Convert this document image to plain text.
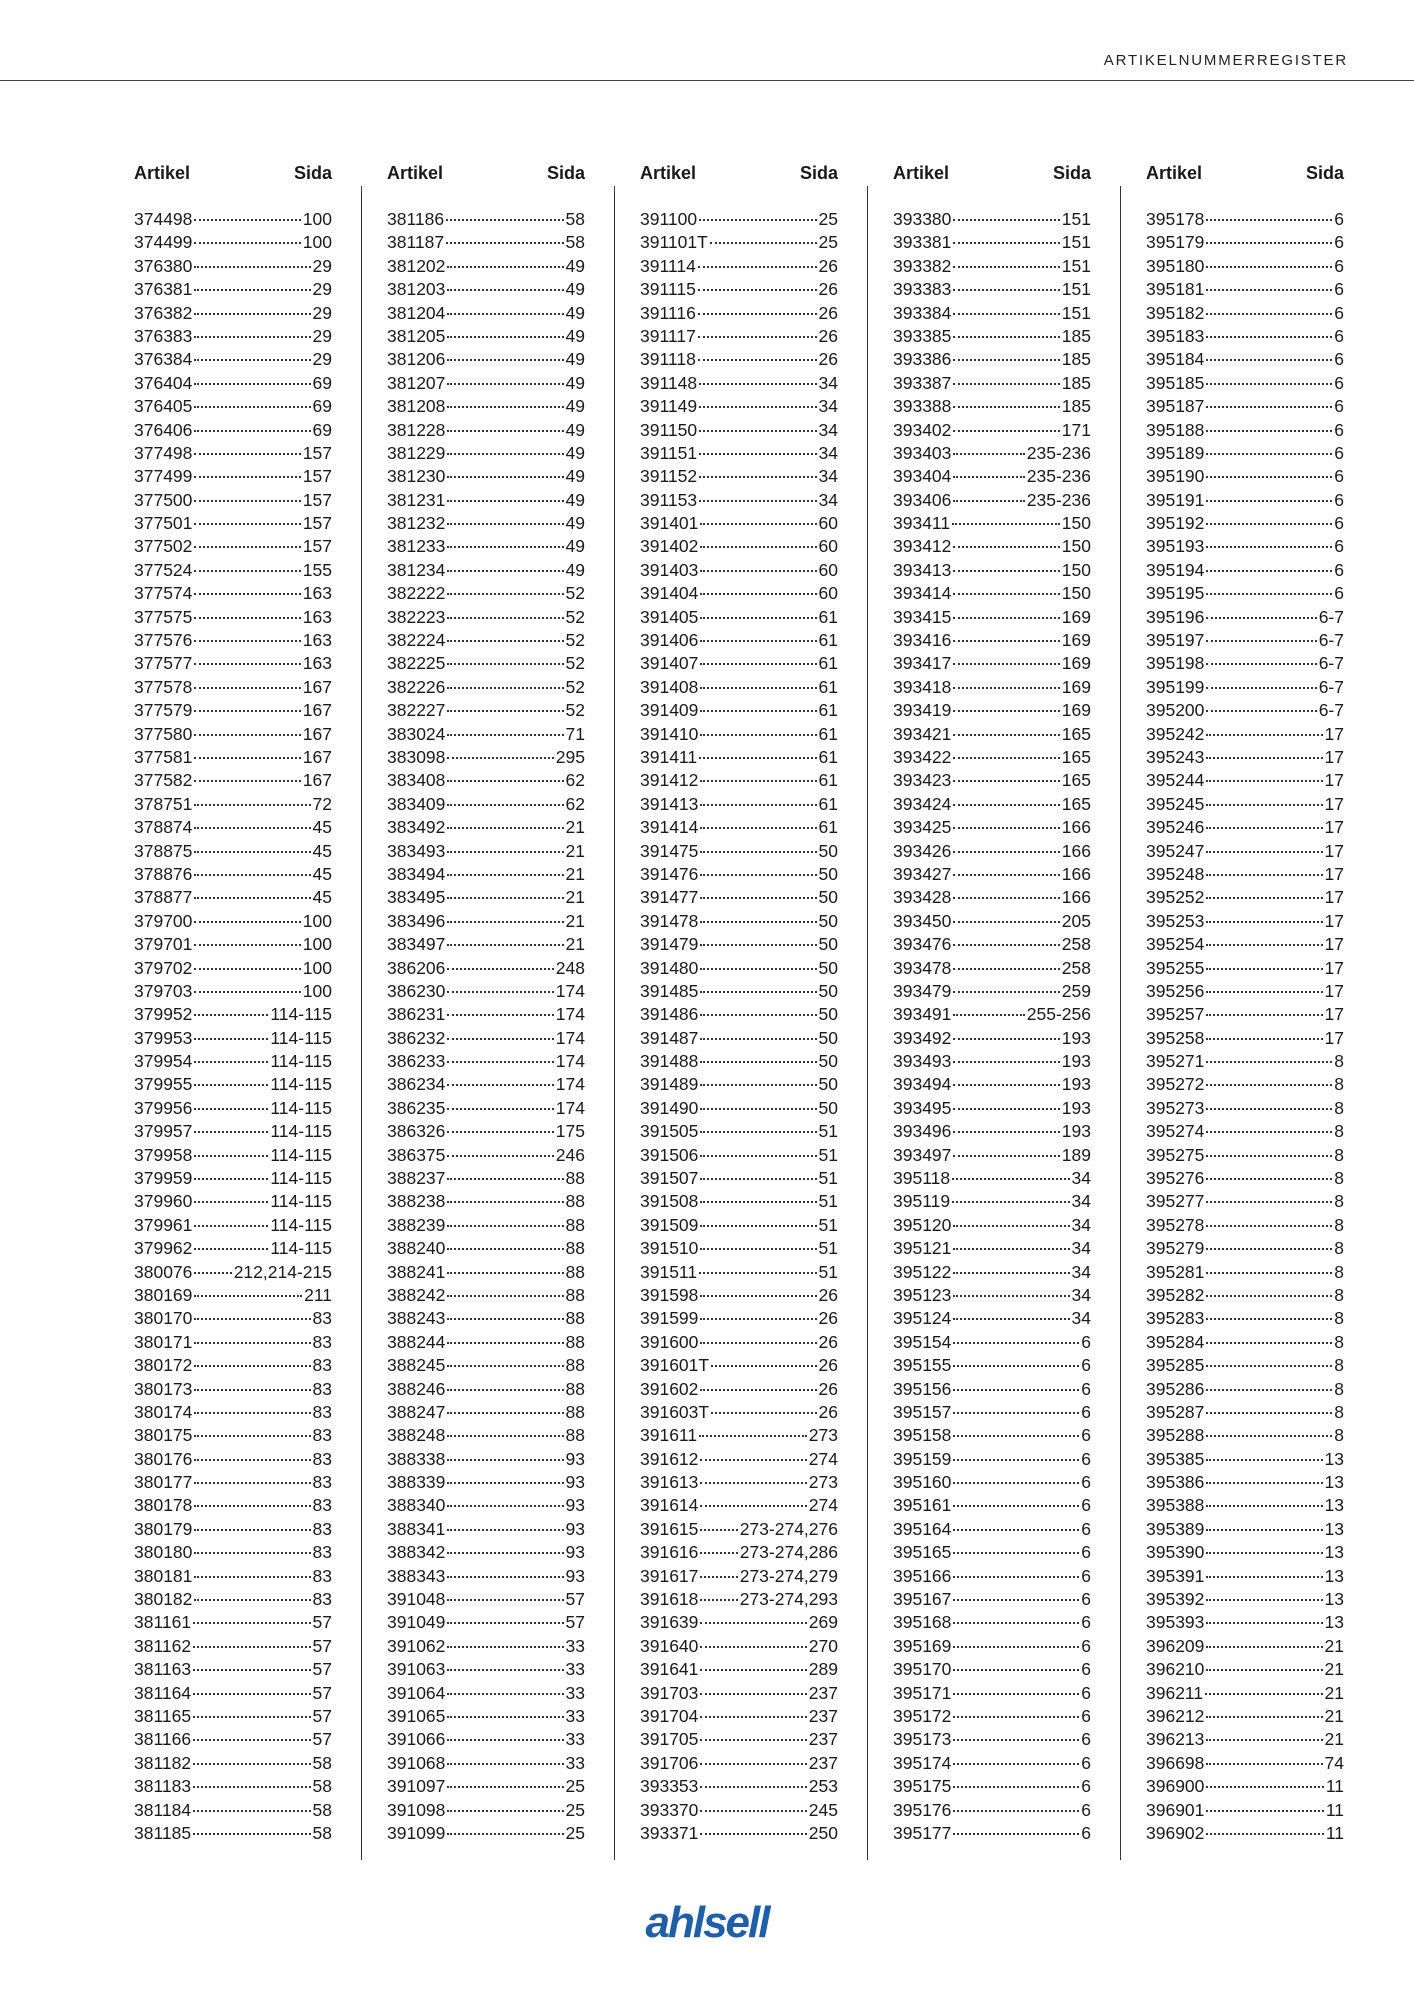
ARTIKELNUMMERREGISTER
Artikel	Sida
374498	100
374499	100
376380	29
376381	29
376382	29
376383	29
376384	29
376404	69
376405	69
376406	69
377498	157
377499	157
377500	157
377501	157
377502	157
377524	155
377574	163
377575	163
377576	163
377577	163
377578	167
377579	167
377580	167
377581	167
377582	167
378751	72
378874	45
378875	45
378876	45
378877	45
379700	100
379701	100
379702	100
379703	100
379952	114-115
379953	114-115
379954	114-115
379955	114-115
379956	114-115
379957	114-115
379958	114-115
379959	114-115
379960	114-115
379961	114-115
379962	114-115
380076 212,214-215
380169	211
380170	83
380171	83
380172	83
380173	83
380174	83
380175	83
380176	83
380177	83
380178	83
380179	83
380180	83
380181	83
380182	83
381161	57
381162	57
381163	57
381164	57
381165	57
381166	57
381182	58
381183	58
381184	58
381185	58
Artikel	Sida
381186	58
381187	58
381202	49
381203	49
381204	49
381205	49
381206	49
381207	49
381208	49
381228	49
381229	49
381230	49
381231	49
381232	49
381233	49
381234	49
382222	52
382223	52
382224	52
382225	52
382226	52
382227	52
383024	71
383098	295
383408	62
383409	62
383492	21
383493	21
383494	21
383495	21
383496	21
383497	21
386206	248
386230	174
386231	174
386232	174
386233	174
386234	174
386235	174
386326	175
386375	246
388237	88
388238	88
388239	88
388240	88
388241	88
388242	88
388243	88
388244	88
388245	88
388246	88
388247	88
388248	88
388338	93
388339	93
388340	93
388341	93
388342	93
388343	93
391048	57
391049	57
391062	33
391063	33
391064	33
391065	33
391066	33
391068	33
391097	25
391098	25
391099	25
Artikel	Sida
391100	25
391101T	25
391114	26
391115	26
391116	26
391117	26
391118	26
391148	34
391149	34
391150	34
391151	34
391152	34
391153	34
391401	60
391402	60
391403	60
391404	60
391405	61
391406	61
391407	61
391408	61
391409	61
391410	61
391411	61
391412	61
391413	61
391414	61
391475	50
391476	50
391477	50
391478	50
391479	50
391480	50
391485	50
391486	50
391487	50
391488	50
391489	50
391490	50
391505	51
391506	51
391507	51
391508	51
391509	51
391510	51
391511	51
391598	26
391599	26
391600	26
391601T	26
391602	26
391603T	26
391611	273
391612	274
391613	273
391614	274
391615 273-274,276
391616 273-274,286
391617 273-274,279
391618 273-274,293
391639	269
391640	270
391641	289
391703	237
391704	237
391705	237
391706	237
393353	253
393370	245
393371	250
Artikel	Sida
393380	151
393381	151
393382	151
393383	151
393384	151
393385	185
393386	185
393387	185
393388	185
393402	171
393403	235-236
393404	235-236
393406	235-236
393411	150
393412	150
393413	150
393414	150
393415	169
393416	169
393417	169
393418	169
393419	169
393421	165
393422	165
393423	165
393424	165
393425	166
393426	166
393427	166
393428	166
393450	205
393476	258
393478	258
393479	259
393491	255-256
393492	193
393493	193
393494	193
393495	193
393496	193
393497	189
395118	34
395119	34
395120	34
395121	34
395122	34
395123	34
395124	34
395154	6
395155	6
395156	6
395157	6
395158	6
395159	6
395160	6
395161	6
395164	6
395165	6
395166	6
395167	6
395168	6
395169	6
395170	6
395171	6
395172	6
395173	6
395174	6
395175	6
395176	6
395177	6
Artikel	Sida
395178	6
395179	6
395180	6
395181	6
395182	6
395183	6
395184	6
395185	6
395187	6
395188	6
395189	6
395190	6
395191	6
395192	6
395193	6
395194	6
395195	6
395196	6-7
395197	6-7
395198	6-7
395199	6-7
395200	6-7
395242	17
395243	17
395244	17
395245	17
395246	17
395247	17
395248	17
395252	17
395253	17
395254	17
395255	17
395256	17
395257	17
395258	17
395271	8
395272	8
395273	8
395274	8
395275	8
395276	8
395277	8
395278	8
395279	8
395281	8
395282	8
395283	8
395284	8
395285	8
395286	8
395287	8
395288	8
395385	13
395386	13
395388	13
395389	13
395390	13
395391	13
395392	13
395393	13
396209	21
396210	21
396211	21
396212	21
396213	21
396698	74
396900	11
396901	11
396902	11
ahlsell
